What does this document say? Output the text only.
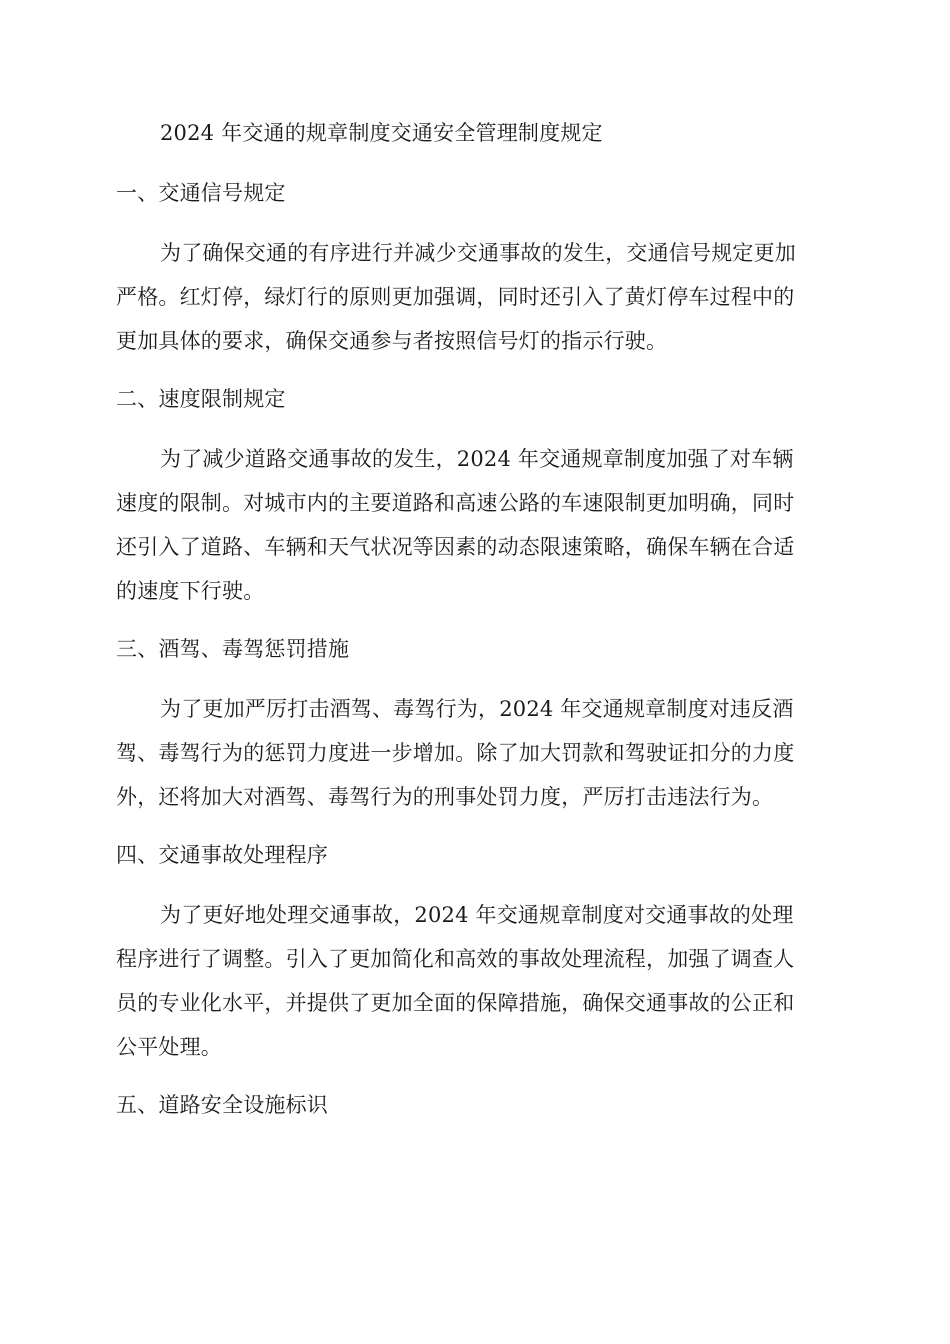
2024 年交通的规章制度交通安全管理制度规定
一、交通信号规定
为了确保交通的有序进行并减少交通事故的发生，交通信号规定更加
严格。红灯停，绿灯行的原则更加强调，同时还引入了黄灯停车过程中的
更加具体的要求，确保交通参与者按照信号灯的指示行驶。
二、速度限制规定
为了减少道路交通事故的发生，2024 年交通规章制度加强了对车辆
速度的限制。对城市内的主要道路和高速公路的车速限制更加明确，同时
还引入了道路、车辆和天气状况等因素的动态限速策略，确保车辆在合适
的速度下行驶。
三、酒驾、毒驾惩罚措施
为了更加严厉打击酒驾、毒驾行为，2024 年交通规章制度对违反酒
驾、毒驾行为的惩罚力度进一步增加。除了加大罚款和驾驶证扣分的力度
外，还将加大对酒驾、毒驾行为的刑事处罚力度，严厉打击违法行为。
四、交通事故处理程序
为了更好地处理交通事故，2024 年交通规章制度对交通事故的处理
程序进行了调整。引入了更加简化和高效的事故处理流程，加强了调查人
员的专业化水平，并提供了更加全面的保障措施，确保交通事故的公正和
公平处理。
五、道路安全设施标识
